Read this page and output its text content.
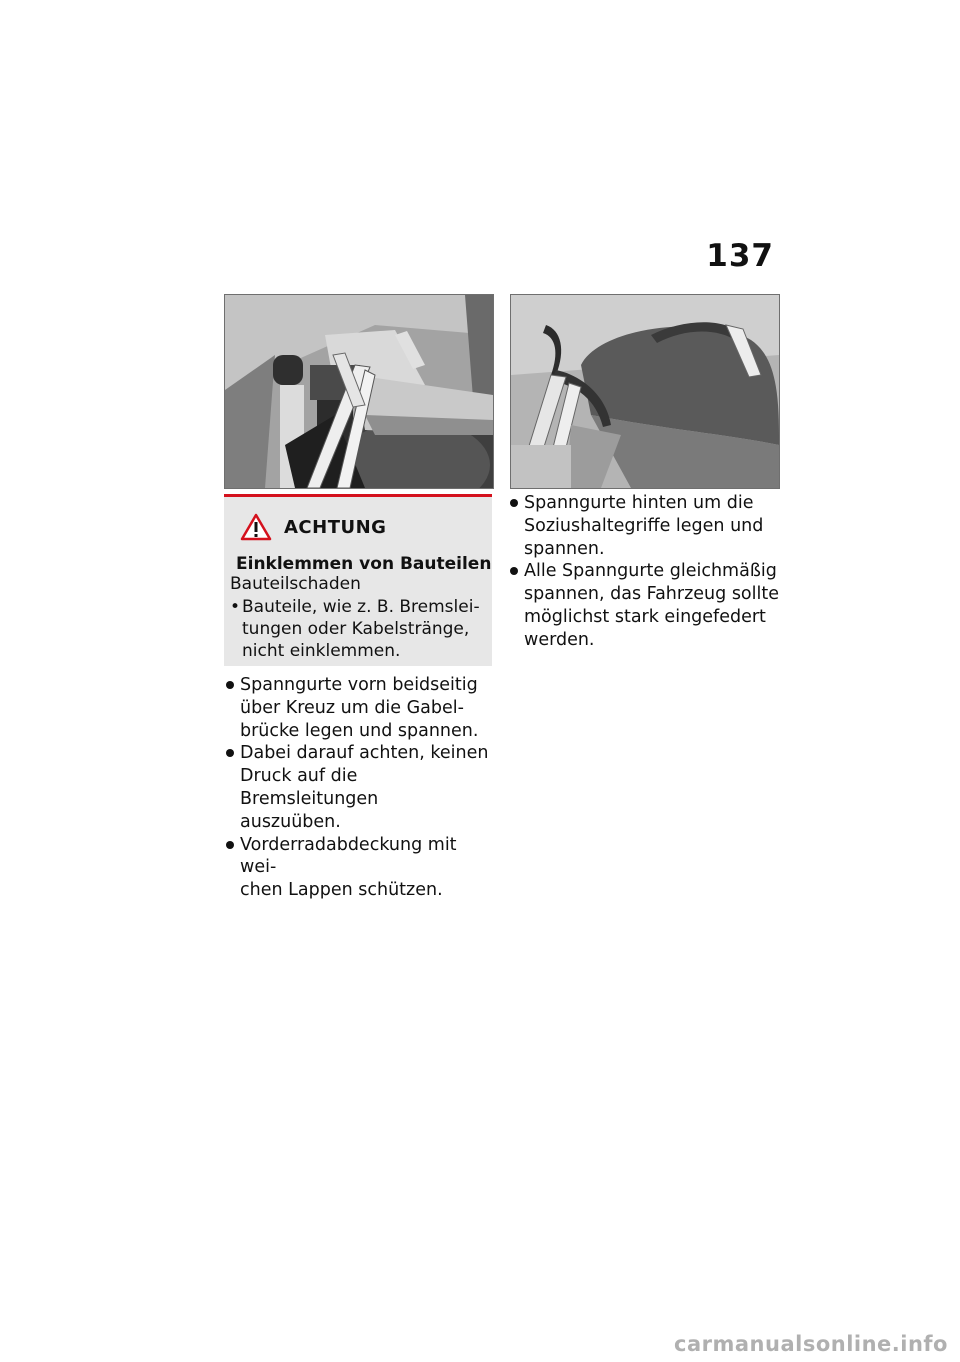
137
ACHTUNG
Einklemmen von Bauteilen
Bauteilschaden
• Bauteile, wie z. B. Bremslei-
tungen oder Kabelstränge,
nicht einklemmen.
Spanngurte vorn beidseitig
über Kreuz um die Gabel-
brücke legen und spannen.
Dabei darauf achten, keinen
Druck auf die Bremsleitungen
auszuüben.
Vorderradabdeckung mit wei-
chen Lappen schützen.
Spanngurte hinten um die
Soziushaltegriffe legen und
spannen.
Alle Spanngurte gleichmäßig
spannen, das Fahrzeug sollte
möglichst stark eingefedert
werden.
carmanualsonline.info
